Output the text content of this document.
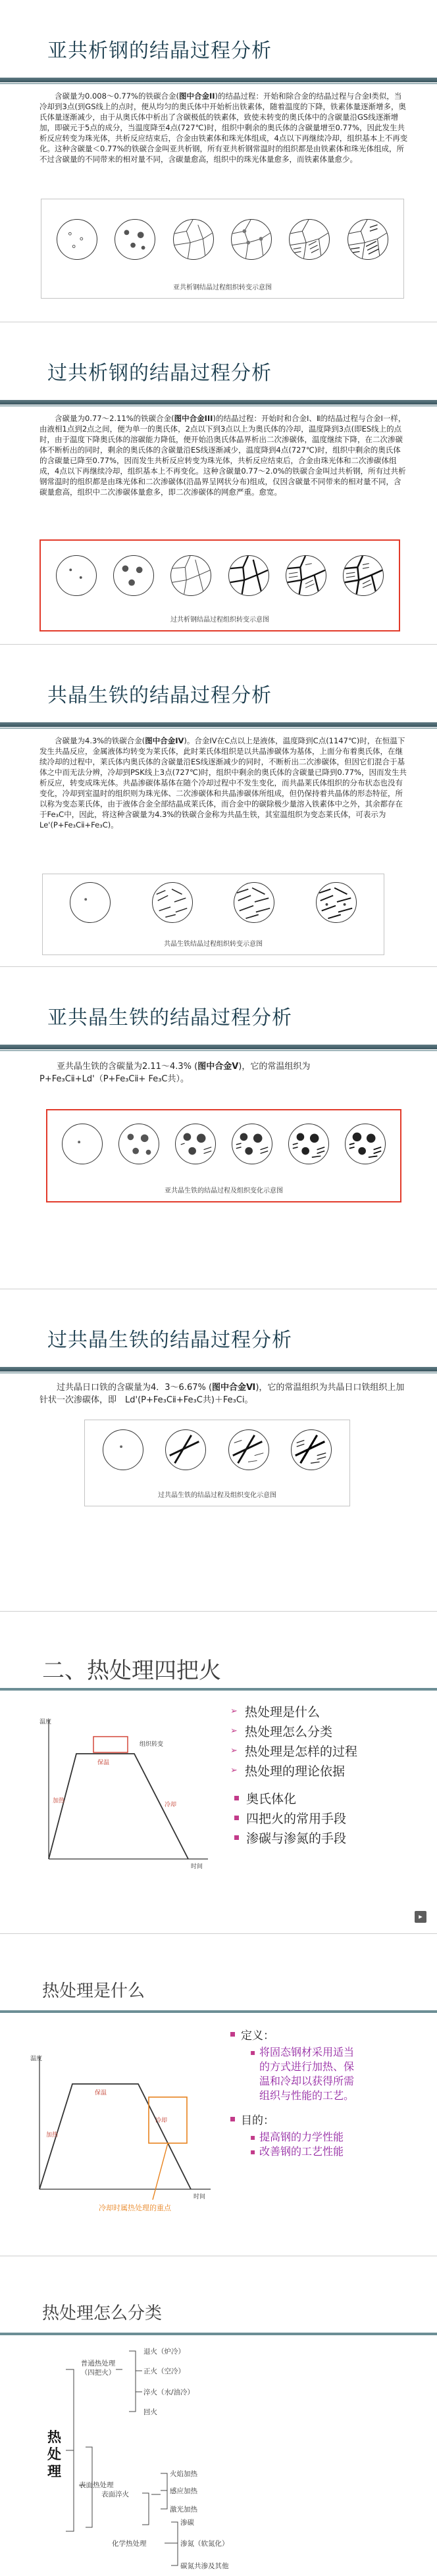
亚共析钢的结晶过程分析
含碳量为0.008～0.77%的铁碳合金(图中合金II)的结晶过程：开始和除合金的结晶过程与合金Ⅰ类似，当冷却到3点(到GS线上的点时，便从均匀的奥氏体中开始析出铁素体，随着温度的下降，铁素体量逐渐增多，奥氏体量逐渐减少，由于从奥氏体中析出了含碳极低的铁素体，致使未转变的奥氏体中的含碳量沿GS线逐渐增加，即碳元于5点的成分，当温度降至4点(727℃)时，组织中剩余的奥氏体的含碳量增至0.77%，因此发生共析反应转变为珠光体，共析反应结束后，合金由铁素体和珠光体组成，4点以下再继续冷却，组织基本上不再变化。这种含碳量＜0.77%的铁碳合金叫亚共析钢，所有亚共析钢常温时的组织都是由铁素体和珠光体组成，所不过含碳量的不同带来的相对量不同，含碳量愈高，组织中的珠光体量愈多，而铁素体量愈少。
亚共析钢结晶过程组织转变示意图
过共析钢的结晶过程分析
含碳量为0.77～2.11%的铁碳合金(图中合金III)的结晶过程：开始时和合金Ⅰ、Ⅱ的结晶过程与合金Ⅰ一样，由液相1点到2点之间，便为单一的奥氏体，2点以下到3点以上为奥氏体的冷却，温度降到3点(即ES线上的点时，由于温度下降奥氏体的溶碳能力降低，便开始沿奥氏体晶界析出二次渗碳体，温度继续下降，在二次渗碳体不断析出的同时，剩余的奥氏体的含碳量沿ES线逐渐减少，温度降到4点(727℃)时，组织中剩余的奥氏体的含碳量已降至0.77%，因而发生共析反应转变为珠光体，共析反应结束后，合金由珠光体和二次渗碳体组成，4点以下再继续冷却，组织基本上不再变化。这种含碳量0.77～2.0%的铁碳合金叫过共析钢，所有过共析钢常温时的组织都是由珠光体和二次渗碳体(沿晶界呈网状分布)组成，仅因含碳量不同带来的相对量不同，含碳量愈高，组织中二次渗碳体量愈多，即二次渗碳体的网愈严重。愈宽。
过共析钢结晶过程组织转变示意图
共晶生铁的结晶过程分析
含碳量为4.3%的铁碳合金(图中合金IV)。合金IV在C点以上是液体，温度降到C点(1147℃)时，在恒温下发生共晶反应，金属液体均转变为莱氏体，此时莱氏体组织是以共晶渗碳体为基体，上面分布着奥氏体，在继续冷却的过程中，莱氏体内奥氏体的含碳量沿ES线逐渐减少的同时，不断析出二次渗碳体，但因它们混合于基体之中而无法分辨，冷却到PSK线上3点(727℃)时，组织中剩余的奥氏体的含碳量已降到0.77%，因而发生共析反应，转变成珠光体。共晶渗碳体基体在随个冷却过程中不发生变化，而共晶莱氏体组织的分布状态也没有变化，冷却到室温时的组织则为珠光体、二次渗碳体和共晶渗碳体所组成，但仍保持着共晶体的形态特征，所以称为变态莱氏体，由于液体合金全部结晶成莱氏体，而合金中的碳除极少量溶入铁素体中之外，其余都存在于Fe₃C中，因此，将这种含碳量为4.3%的铁碳合金称为共晶生铁，其室温组织为变态莱氏体，可表示为Le'(P+Fe₃Cⅱ+Fe₃C)。
共晶生铁结晶过程组织转变示意图
亚共晶生铁的结晶过程分析
亚共晶生铁的含碳量为2.11～4.3% (图中合金Ⅴ)，它的常温组织为P+Fe₃Cⅱ+Ld'（P+Fe₃Cⅱ+ Fe₃C共）。
亚共晶生铁的结晶过程及组织变化示意图
过共晶生铁的结晶过程分析
过共晶日口铁的含碳量为4．3～6.67% (图中合金Ⅵ)，它的常温组织为共晶日口铁组织上加针状一次渗碳体，即　Ld'(P+Fe₃Cⅱ+Fe₃C共)＋Fe₃Cⅰ。
过共晶生铁的结晶过程及组织变化示意图
二、热处理四把火
温度
时间
加热
保温
冷却
组织转变
➢ 热处理是什么
➢ 热处理怎么分类
➢ 热处理是怎样的过程
➢ 热处理的理论依据
奥氏体化
四把火的常用手段
渗碳与渗氮的手段
▸
热处理是什么
温度
时间
加热
保温
冷却
冷却时属热处理的重点
定义：
▪ 将固态钢材采用适当
的方式进行加热、保
温和冷却以获得所需
组织与性能的工艺。
目的：
▪ 提高钢的力学性能
▪ 改善钢的工艺性能
热处理怎么分类
热处理
普通热处理（四把火）
退火（炉冷）
正火（空冷）
淬火（水/油冷）
回火
表面热处理
表面淬火
火焰加热
感应加热
激光加热
化学热处理
渗碳
渗氮（软氮化）
碳氮共渗及其他
